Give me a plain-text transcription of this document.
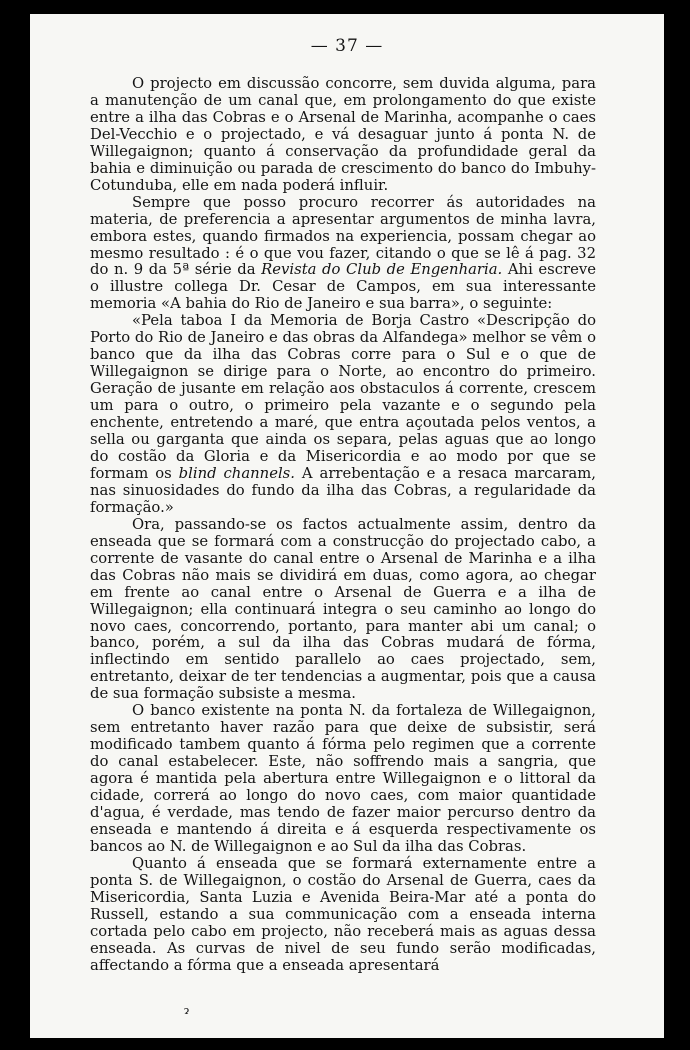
— 37 —

O projecto em discussão concorre, sem duvida alguma, para a manutenção de um canal que, em prolongamento do que existe entre a ilha das Cobras e o Arsenal de Marinha, acompanhe o caes Del-Vecchio e o projectado, e vá desaguar junto á ponta N. de Willegaignon; quanto á conservação da profundidade geral da bahia e diminuição ou parada de crescimento do banco do Imbuhy-Cotunduba, elle em nada poderá influir.

Sempre que posso procuro recorrer ás autoridades na materia, de preferencia a apresentar argumentos de minha lavra, embora estes, quando firmados na experiencia, possam chegar ao mesmo resultado : é o que vou fazer, citando o que se lê á pag. 32 do n. 9 da 5ª série da Revista do Club de Engenharia. Ahi escreve o illustre collega Dr. Cesar de Campos, em sua interessante memoria «A bahia do Rio de Janeiro e sua barra», o seguinte:

«Pela taboa I da Memoria de Borja Castro «Descripção do Porto do Rio de Janeiro e das obras da Alfandega» melhor se vêm o banco que da ilha das Cobras corre para o Sul e o que de Willegaignon se dirige para o Norte, ao encontro do primeiro. Geração de jusante em relação aos obstaculos á corrente, crescem um para o outro, o primeiro pela vazante e o segundo pela enchente, entretendo a maré, que entra açoutada pelos ventos, a sella ou garganta que ainda os separa, pelas aguas que ao longo do costão da Gloria e da Misericordia e ao modo por que se formam os blind channels. A arrebentação e a resaca marcaram, nas sinuosidades do fundo da ilha das Cobras, a regularidade da formação.»

Ora, passando-se os factos actualmente assim, dentro da enseada que se formará com a construcção do projectado cabo, a corrente de vasante do canal entre o Arsenal de Marinha e a ilha das Cobras não mais se dividirá em duas, como agora, ao chegar em frente ao canal entre o Arsenal de Guerra e a ilha de Willegaignon; ella continuará integra o seu caminho ao longo do novo caes, concorrendo, portanto, para manter abi um canal; o banco, porém, a sul da ilha das Cobras mudará de fórma, inflectindo em sentido parallelo ao caes projectado, sem, entretanto, deixar de ter tendencias a augmentar, pois que a causa de sua formação subsiste a mesma.

O banco existente na ponta N. da fortaleza de Willegaignon, sem entretanto haver razão para que deixe de subsistir, será modificado tambem quanto á fórma pelo regimen que a corrente do canal estabelecer. Este, não soffrendo mais a sangria, que agora é mantida pela abertura entre Willegaignon e o littoral da cidade, correrá ao longo do novo caes, com maior quantidade d'agua, é verdade, mas tendo de fazer maior percurso dentro da enseada e mantendo á direita e á esquerda respectivamente os bancos ao N. de Willegaignon e ao Sul da ilha das Cobras.

Quanto á enseada que se formará externamente entre a ponta S. de Willegaignon, o costão do Arsenal de Guerra, caes da Misericordia, Santa Luzia e Avenida Beira-Mar até a ponta do Russell, estando a sua communicação com a enseada interna cortada pelo cabo em projecto, não receberá mais as aguas dessa enseada. As curvas de nivel de seu fundo serão modificadas, affectando a fórma que a enseada apresentará

ɂ
